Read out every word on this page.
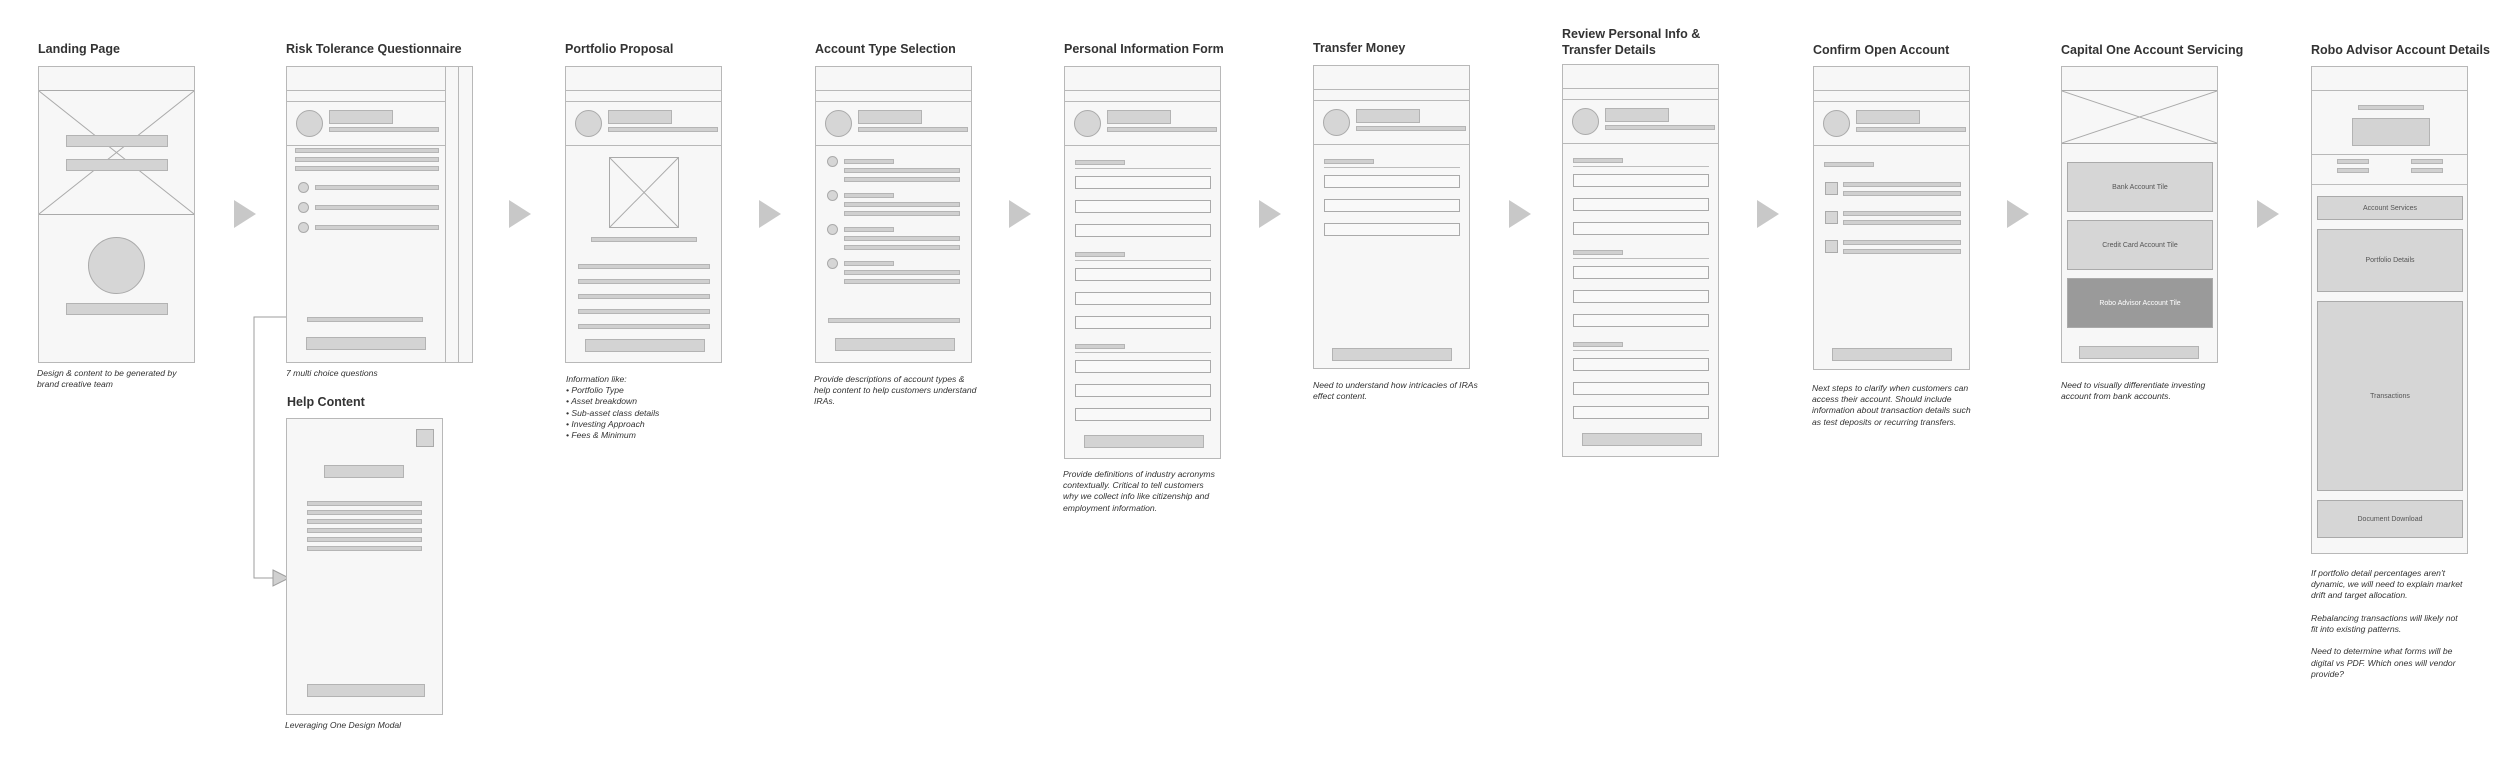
Landing Page	Risk Tolerance Questionnaire
Help Content
Portfolio Proposal	Account Type Selection	Personal Information Form	Transfer Money
Review Personal Info &
Transfer Details	Confirm Open Account	Capital One Account Servicing	Robo Advisor Account Details
Design & content to be generated by
brand creative team
7 multi choice questions
Leveraging One Design Modal
Information like:
• Portfolio Type
• Asset breakdown
• Sub-asset class details
• Investing Approach
• Fees & Minimum
Provide descriptions of account types &
help content to help customers understand
IRAs.
Provide definitions of industry acronyms
contextually. Critical to tell customers
why we collect info like citizenship and
employment information.
Need to understand how intricacies of IRAs
effect content.
Next steps to clarify when customers can
access their account. Should include
information about transaction details such
as test deposits or recurring transfers.
Bank Account Tile
Credit Card Account Tile
Robo Advisor Account Tile
Need to visually differentiate investing
account from bank accounts.
Account Services
Portfolio Details
Transactions
Document Download
If portfolio detail percentages aren't
dynamic, we will need to explain market
drift and target allocation.

Rebalancing transactions will likely not
fit into existing patterns.

Need to determine what forms will be
digital vs PDF. Which ones will vendor
provide?
